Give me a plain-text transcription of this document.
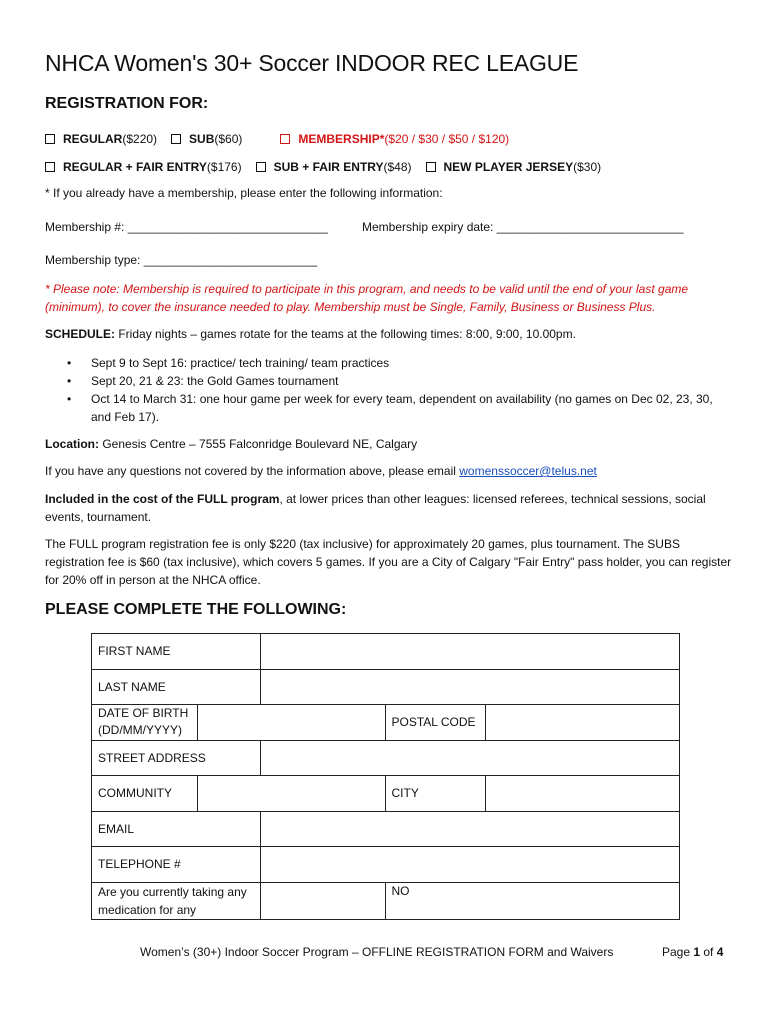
NHCA Women's 30+ Soccer INDOOR REC LEAGUE
REGISTRATION FOR:
REGULAR ($220)	SUB ($60)	MEMBERSHIP* ($20 / $30 / $50 / $120)
REGULAR + FAIR ENTRY ($176)	SUB + FAIR ENTRY ($48)	NEW PLAYER JERSEY ($30)
* If you already have a membership, please enter the following information:
Membership #: ______________________________	Membership expiry date: ____________________________
Membership type: __________________________
* Please note: Membership is required to participate in this program, and needs to be valid until the end of your last game (minimum), to cover the insurance needed to play. Membership must be Single, Family, Business or Business Plus.
SCHEDULE: Friday nights – games rotate for the teams at the following times: 8:00, 9:00, 10.00pm.
• Sept 9 to Sept 16: practice/ tech training/ team practices
• Sept 20, 21 & 23: the Gold Games tournament
• Oct 14 to March 31: one hour game per week for every team, dependent on availability (no games on Dec 02, 23, 30, and Feb 17).
Location: Genesis Centre – 7555 Falconridge Boulevard NE, Calgary
If you have any questions not covered by the information above, please email womenssoccer@telus.net
Included in the cost of the FULL program, at lower prices than other leagues: licensed referees, technical sessions, social events, tournament.
The FULL program registration fee is only $220 (tax inclusive) for approximately 20 games, plus tournament. The SUBS registration fee is $60 (tax inclusive), which covers 5 games. If you are a City of Calgary "Fair Entry" pass holder, you can register for 20% off in person at the NHCA office.
PLEASE COMPLETE THE FOLLOWING:
FIRST NAME				
LAST NAME				

DATE OF BIRTH
(DD/MM/YYYY)			POSTAL CODE	
STREET ADDRESS				
COMMUNITY			CITY	
EMAIL				
TELEPHONE #				
Are you currently taking any medication for any			NO	
Women’s (30+) Indoor Soccer Program – OFFLINE REGISTRATION FORM and Waivers	Page 1 of 4
